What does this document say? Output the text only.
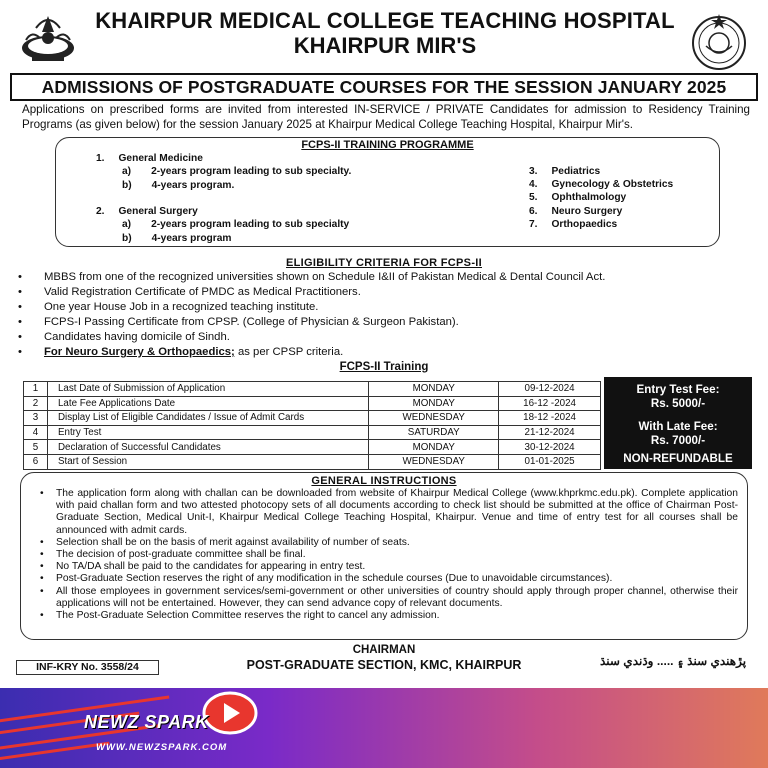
KHAIRPUR MEDICAL COLLEGE TEACHING HOSPITAL
KHAIRPUR MIR'S
ADMISSIONS OF POSTGRADUATE COURSES FOR THE SESSION JANUARY 2025
Applications on prescribed forms are invited from interested IN-SERVICE / PRIVATE Candidates for admission to Residency Training Programs (as given below) for the session January 2025 at Khairpur Medical College Teaching Hospital, Khairpur Mir's.
FCPS-II TRAINING PROGRAMME
1. General Medicine
a) 2-years program leading to sub specialty.
b) 4-years program.
2. General Surgery
a) 2-years program leading to sub specialty
b) 4-years program
3. Pediatrics
4. Gynecology & Obstetrics
5. Ophthalmology
6. Neuro Surgery
7. Orthopaedics
ELIGIBILITY CRITERIA FOR FCPS-II
• MBBS from one of the recognized universities shown on Schedule I&II of Pakistan Medical & Dental Council Act.
• Valid Registration Certificate of PMDC as Medical Practitioners.
• One year House Job in a recognized teaching institute.
• FCPS-I Passing Certificate from CPSP. (College of Physician & Surgeon Pakistan).
• Candidates having domicile of Sindh.
• For Neuro Surgery & Orthopaedics; as per CPSP criteria.
FCPS-II Training
1	Last Date of Submission of Application	MONDAY	09-12-2024
2	Late Fee Applications Date	MONDAY	16-12 -2024
3	Display List of Eligible Candidates / Issue of Admit Cards	WEDNESDAY	18-12 -2024
4	Entry Test	SATURDAY	21-12-2024
5	Declaration of Successful Candidates	MONDAY	30-12-2024
6	Start of Session	WEDNESDAY	01-01-2025
Entry Test Fee:
Rs. 5000/-
With Late Fee:
Rs. 7000/-
NON-REFUNDABLE
GENERAL INSTRUCTIONS
• The application form along with challan can be downloaded from website of Khairpur Medical College (www.khprkmc.edu.pk). Complete application with paid challan form and two attested photocopy sets of all documents according to check list should be submitted at the office of Chairman Post-Graduate Section, Medical Unit-I, Khairpur Medical College Teaching Hospital, Khairpur. Venue and time of entry test for all courses shall be announced with admit cards.
• Selection shall be on the basis of merit against availability of number of seats.
• The decision of post-graduate committee shall be final.
• No TA/DA shall be paid to the candidates for appearing in entry test.
• Post-Graduate Section reserves the right of any modification in the schedule courses (Due to unavoidable circumstances).
• All those employees in government services/semi-government or other universities of country should apply through proper channel, otherwise their applications will not be entertained. However, they can send advance copy of relevant documents.
• The Post-Graduate Selection Committee reserves the right to cancel any admission.
CHAIRMAN
POST-GRADUATE SECTION, KMC, KHAIRPUR
INF-KRY No. 3558/24	پڙهندي سنڌ ۽ ..... وڌندي سنڌ
NEWZ SPARK
WWW.NEWZSPARK.COM
